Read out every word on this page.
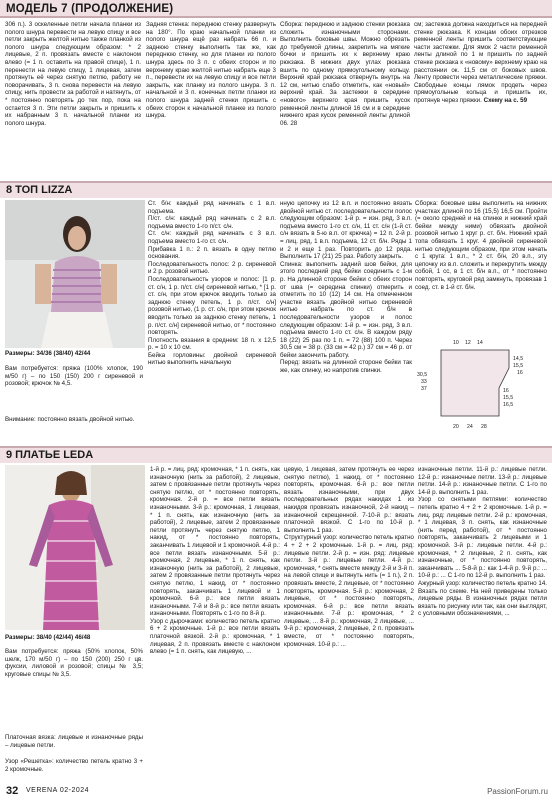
МОДЕЛЬ 7 (ПРОДОЛЖЕНИЕ)
306 п.). 3 оскеленные петли начала планки из полого шнура перевести на левую спицу и все петли закрыть желтой нитью также планкой из полого шнура следующим образом: * 2 лицевые, 2 п. провязать вместе с наклоном влево (= 1 п. оставить на правой спице), 1 п. перенести на левую спицу, 1 лицевая, затем протянуть её через снятую петлю, работу не поворачивать, 3 п. снова перевести на левую спицу, нить провести за работой и натянуть, от * постоянно повторять до тех пор, пока на остается 3 п. Эти петли закрыть и пришить к их набранным 3 п. начальной планки из полого шнура.
Задняя стенка: переднюю стенку развернуть на 180°. По краю начальной планки из полого шнура ещё раз набрать 66 п. и заднюю стенку выполнить так же, как переднюю стенку, но для планки из полого шнура здесь по 3 п. с обеих сторон и по верхнему краю желтой нитью набрать еще 3 п., перевести их на левую спицу и все петли закрыть, как планку из полого шнура. 3 п. начальной и 3 п. конечных петли планки из полого шнура задней стенки пришить с обеих сторон к начальной планке из полого шнура.
Сборка: переднюю и заднюю стенки рюкзака сложить изнаночными сторонами. Выполнить боковые швы. Можно обрезать до требуемой длины, закрепить на мягкие бочки и пришить их к верхнему краю рюкзака. В нижних двух углах рюкзака вшить по одному прямоугольному кольцу. Верхний край рюкзака отвернуть внутрь на 12 см, нитью слабо отметить, как «новый» верхний край. За застежки в середине «нового» верхнего края пришить кусок ременной ленты длиной 16 см и в середине нижнего края кусок ременной ленты длиной 06. 28
см; застежка должна находиться на передней стенке рюкзака. К концам обоих отрезков ременной ленты пришить соответствующие части застежки. Для ямок 2 части ременной ленты длиной по 1 м пришить по задней стенке рюкзака к «новому» верхнему краю на расстоянии ок. 11,5 см от боковых швов. Ленту провести через металлические пряжки. Свободные концы лямок продеть через прямоугольные кольца и пришить их, протянув через пряжки. Схему на с. 59
8 ТОП LIZZA
Размеры: 34/36 (38/40) 42/44
Вам потребуется: пряжа (100% хлопок, 190 м/50 г) – по 150 (150) 200 г сиреневой и розовой; крючок № 4,5.
Внимание: постоянно вязать двойной нитью.
Ст. б/н: каждый ряд начинать с 1 в.п. подъема.
П/ст. с/н: каждый ряд начинать с 2 в.п. подъема вместо 1-го п/ст. с/н.
Ст. с/н: каждый ряд начинать с 3 в.п. подъема вместо 1-го ст. с/н.
Прибавка 1 п.: 2 п. вязать в одну петлю основания.
Последовательность полос: 2 р. сиреневой и 2 р. розовой нитью.
Последовательность узоров и полос: [1 р. ст. с/н, 1 р. п/ст. с/н] сиреневой нитью, * [1 р. ст. с/н, при этом крючок вводить только за заднюю стенку петель, 1 р. п/ст. с/н] розовой нитью, (1 р. ст. с/н, при этом крючок вводить только за заднюю стенку петель, 1 р. п/ст. с/н] сиреневой нитью, от * постоянно повторять.
Плотность вязания в среднем: 18 п. х 12,5 р. = 10 х 10 см.
Бейка горловины: двойной сиреневой нитью выполнить начальную
нную цепочку из 12 в.п. и постоянно вязать двойной нитью ст. последовательности полос следующим образом: 1-й р. = изн. ряд, 3 в.п. подъема вместо 1-го ст. с/н, 11 ст. с/н (1-й ст. с/н вязать в 5-ю в.п. от крючка) = 12 п. 2-й р. = лиц. ряд, 1 в.п. подъема, 12 ст. б/н. Ряды 1 и 2 и еще 1 раз. Повторить до 12 ряда. Выполнить 17 (21) 25 раз. Работу закрыть.
Спинка: выполнить задний шов бейки, для этого последний ряд бейки соединить с 1-м р. На длинной стороне бейки с обеих сторон от шва (= середина спинки) отмерить и отметить по 10 (12) 14 см. На отмеченном участке вязать двойной нитью сиреневой нитью набрать по ст. б/н в последовательности узоров и полос следующим образом: 1-й р. = изн. ряд, 3 в.п. подъема вместо 1-го ст. с/н. В каждом ряду 18 (22) 25 раз по 1 п. = 72 (88) 100 п. Через 30,5 см = 38 р. (33 см = 42 р.) 37 см = 46 р. от бейки закончить работу.
Перед: вязать на длинной стороне бейки так же, как спинку, но напротив спинки.
Сборка: боковые швы выполнить на нижних участках длиной по 16 (15,5) 16,5 см. Пройти (= около средней и на спинке и нижний край бейки между ними) обвязать двойной розовой нитью 1 круг р. ст. б/н. Нижний край топа обвязать 1 круг. 4 двойной сиреневой нитью следующим образом, при этом начать с 1 круга: 1 в.п., * 2 ст. б/н, 20 в.п., эту цепочку из в.п. сложить и перекрутить между собой, 1 сс, в 1 ст. б/н в.п., от * постоянно повторять, круговой ряд замкнуть, провязав 1 соед. ст. в 1-й ст. б/н.
10 12 14
14,5
15,5
16
16
15,5
16,5
30,5
33
37
20 24 28
9 ПЛАТЬЕ LEDA
Размеры: 38/40 (42/44) 46/48
Вам потребуется: пряжа (50% хлопок, 50% шелк, 170 м/50 г) – по 150 (200) 250 г цв. фуксии, лиловой и розовой; спицы № 3,5; круговые спицы № 3,5.
Платочная вязка: лицевые и изнаночные ряды – лицевые петли.
Узор «Решетка»: количество петель кратно 3 + 2 кромочные.
1-й р. = лиц. ряд: кромочная, * 1 п. снять, как изнаночную (нить за работой), 2 лицевые, затем с провязанные петли протянуть через снятую петлю, от * постоянно повторять, кромочная. 2-й р. = все петли вязать изнаночными. 3-й р.: кромочная, 1 лицевая, * 1 п. снять, как изнаночную (нить за работой), 2 лицевые, затем 2 провязанные петли протянуть через снятую петлю, 1 накид, от * постоянно повторять, заканчивать 1 лицевой и 1 кромочной. 4-й р.: все петли вязать изнаночными. 5-й р.: кромочная, 2 лицевые, * 1 п. снять, как изнаночную (нить за работой), 2 лицевые, затем 2 провязанные петли протянуть через снятую петлю, 1 накид, от * постоянно повторять, заканчивать 1 лицевой и 1 кромочной. 6-й р.: все петли вязать изнаночными. 7-й и 8-й р.: все петли вязать изнаночными. Повторять с 1-го по 8-й р.
Узор с дырочками: количество петель кратно 6 + 2 кромочные. 1-й р.: все петли вязать платочной вязкой. 2-й р.: кромочная, * 1 лицевая, 2 п. провязать вместе с наклоном влево (= 1 п. снять, как лицевую, ...
цевую, 1 лицевая, затем протянуть ее через снятую петлю), 1 накид, от * постоянно повторять, кромочная. 6-й р.: все петли вязать изнаночными, при двух последовательных рядах накидах 1 из накидов провязать изнаночной, 2-й накид – изнаночной скрещенной. 7-10-й р.: вязать платочной вязкой. С 1-го по 10-й р. выполнить 1 раз.
Структурный узор: количество петель кратно 4 + 2 + 2 кромочные. 1-й р. = лиц. ряд: лицевые петли. 2-й р. = изн. ряд: лицевые петли. 3-й р.: лицевые петли. 4-й р.: кромочная, * снять вместе между 2-й и 3-й п. на левой спице и вытянуть нить (= 1 п.), 2 п. провязать вместе, 2 лицевые, от * постоянно повторять, кромочная. 5-й р.: кромочная, 2 лицевые, от * постоянно повторять, кромочная. 6-й р.: все петли вязать изнаночными. 7-й р.: кромочная, * 2 лицевые, ... 8-й р.: кромочная, 2 лицевые, ... 9-й р.: кромочная, 2 лицевые, 2 п. провязать вместе, от * постоянно повторять, кромочная. 10-й р.: ...
изнаночные петли. 11-й р.: лицевые петли. 12-й р.: изнаночные петли. 13-й р.: лицевые петли. 14-й р.: изнаночные петли. С 1-го по 14-й р. выполнить 1 раз.
Узор со снятыми петлями: количество петель кратно 4 + 2 + 2 кромочные. 1-й р. = лиц. ряд: лицевые петли. 2-й р.: кромочная, * 1 лицевая, 3 п. снять, как изнаночные (нить перед работой), от * постоянно повторять, заканчивать 2 лицевыми и 1 кромочной. 3-й р.: лицевые петли. 4-й р.: кромочная, * 2 лицевые, 2 п. снять, как изнаночные, от * постоянно повторять, заканчивать ... 5-8-й р.: как 1-4-й р. 9-й р.: ... 10-й р.: ... С 1-го по 12-й р. выполнить 1 раз.
Ажурный узор: количество петель кратно 14. Вязать по схеме. На ней приведены только лицевые ряды. В изнаночных рядах петли вязать по рисунку или так, как они выглядят, с условными обозначениями, ...
32 VERENA 02-2024	PassionForum.ru
